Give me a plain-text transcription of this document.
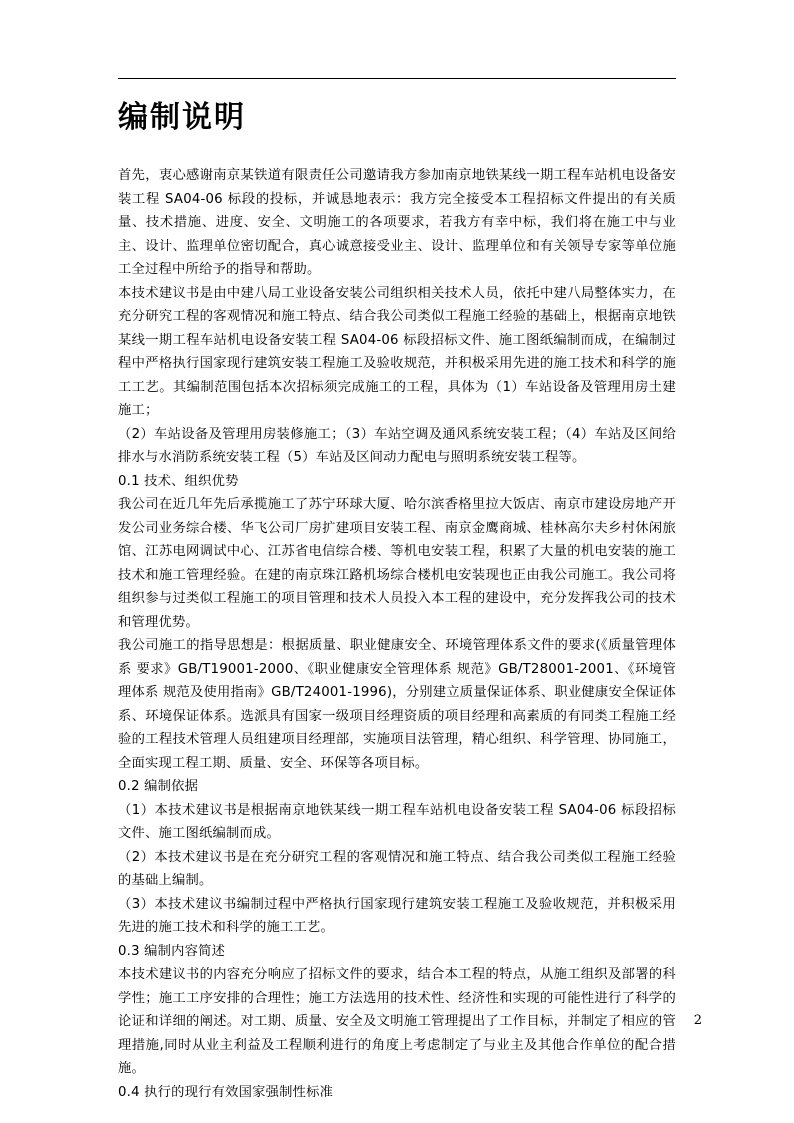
编制说明

首先，衷心感谢南京某铁道有限责任公司邀请我方参加南京地铁某线一期工程车站机电设备安装工程 SA04-06 标段的投标，并诚恳地表示：我方完全接受本工程招标文件提出的有关质量、技术措施、进度、安全、文明施工的各项要求，若我方有幸中标，我们将在施工中与业主、设计、监理单位密切配合，真心诚意接受业主、设计、监理单位和有关领导专家等单位施工全过程中所给予的指导和帮助。

本技术建议书是由中建八局工业设备安装公司组织相关技术人员，依托中建八局整体实力，在充分研究工程的客观情况和施工特点、结合我公司类似工程施工经验的基础上，根据南京地铁某线一期工程车站机电设备安装工程 SA04-06 标段招标文件、施工图纸编制而成，在编制过程中严格执行国家现行建筑安装工程施工及验收规范，并积极采用先进的施工技术和科学的施工工艺。其编制范围包括本次招标须完成施工的工程，具体为（1）车站设备及管理用房土建施工；

（2）车站设备及管理用房装修施工；（3）车站空调及通风系统安装工程；（4）车站及区间给排水与水消防系统安装工程（5）车站及区间动力配电与照明系统安装工程等。

0.1 技术、组织优势

我公司在近几年先后承揽施工了苏宁环球大厦、哈尔滨香格里拉大饭店、南京市建设房地产开发公司业务综合楼、华飞公司厂房扩建项目安装工程、南京金鹰商城、桂林高尔夫乡村休闲旅馆、江苏电网调试中心、江苏省电信综合楼、等机电安装工程，积累了大量的机电安装的施工技术和施工管理经验。在建的南京珠江路机场综合楼机电安装现也正由我公司施工。我公司将组织参与过类似工程施工的项目管理和技术人员投入本工程的建设中，充分发挥我公司的技术和管理优势。

我公司施工的指导思想是：根据质量、职业健康安全、环境管理体系文件的要求(《质量管理体系 要求》GB/T19001-2000、《职业健康安全管理体系 规范》GB/T28001-2001、《环境管理体系 规范及使用指南》GB/T24001-1996)，分别建立质量保证体系、职业健康安全保证体系、环境保证体系。选派具有国家一级项目经理资质的项目经理和高素质的有同类工程施工经验的工程技术管理人员组建项目经理部，实施项目法管理，精心组织、科学管理、协同施工，全面实现工程工期、质量、安全、环保等各项目标。

0.2 编制依据

（1）本技术建议书是根据南京地铁某线一期工程车站机电设备安装工程 SA04-06 标段招标文件、施工图纸编制而成。

（2）本技术建议书是在充分研究工程的客观情况和施工特点、结合我公司类似工程施工经验的基础上编制。

（3）本技术建议书编制过程中严格执行国家现行建筑安装工程施工及验收规范，并积极采用先进的施工技术和科学的施工工艺。

0.3 编制内容简述

本技术建议书的内容充分响应了招标文件的要求，结合本工程的特点，从施工组织及部署的科学性；施工工序安排的合理性；施工方法选用的技术性、经济性和实现的可能性进行了科学的论证和详细的阐述。对工期、质量、安全及文明施工管理提出了工作目标，并制定了相应的管理措施,同时从业主利益及工程顺利进行的角度上考虑制定了与业主及其他合作单位的配合措施。

0.4 执行的现行有效国家强制性标准

2
